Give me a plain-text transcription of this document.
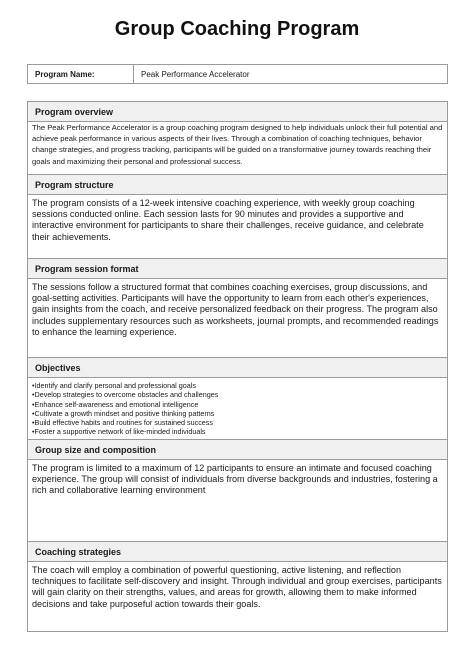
Group Coaching Program
Program Name:	Peak Performance Accelerator
Program overview
The Peak Performance Accelerator is a group coaching program designed to help individuals unlock their full potential and achieve peak performance in various aspects of their lives. Through a combination of coaching techniques, behavior change strategies, and progress tracking, participants will be guided on a transformative journey towards reaching their goals and maximizing their personal and professional success.
Program structure
The program consists of a 12-week intensive coaching experience, with weekly group coaching sessions conducted online. Each session lasts for 90 minutes and provides a supportive and interactive environment for participants to share their challenges, receive guidance, and celebrate their achievements.
Program session format
The sessions follow a structured format that combines coaching exercises, group discussions, and goal-setting activities. Participants will have the opportunity to learn from each other's experiences, gain insights from the coach, and receive personalized feedback on their progress. The program also includes supplementary resources such as worksheets, journal prompts, and recommended readings to enhance the learning experience.
Objectives

• Identify and clarify personal and professional goals
• Develop strategies to overcome obstacles and challenges
• Enhance self-awareness and emotional intelligence
• Cultivate a growth mindset and positive thinking patterns
• Build effective habits and routines for sustained success
• Foster a supportive network of like-minded individuals

Group size and composition
The program is limited to a maximum of 12 participants to ensure an intimate and focused coaching experience. The group will consist of individuals from diverse backgrounds and industries, fostering a rich and collaborative learning environment
Coaching strategies
The coach will employ a combination of powerful questioning, active listening, and reflection techniques to facilitate self-discovery and insight. Through individual and group exercises, participants will gain clarity on their strengths, values, and areas for growth, allowing them to make informed decisions and take purposeful action towards their goals.
